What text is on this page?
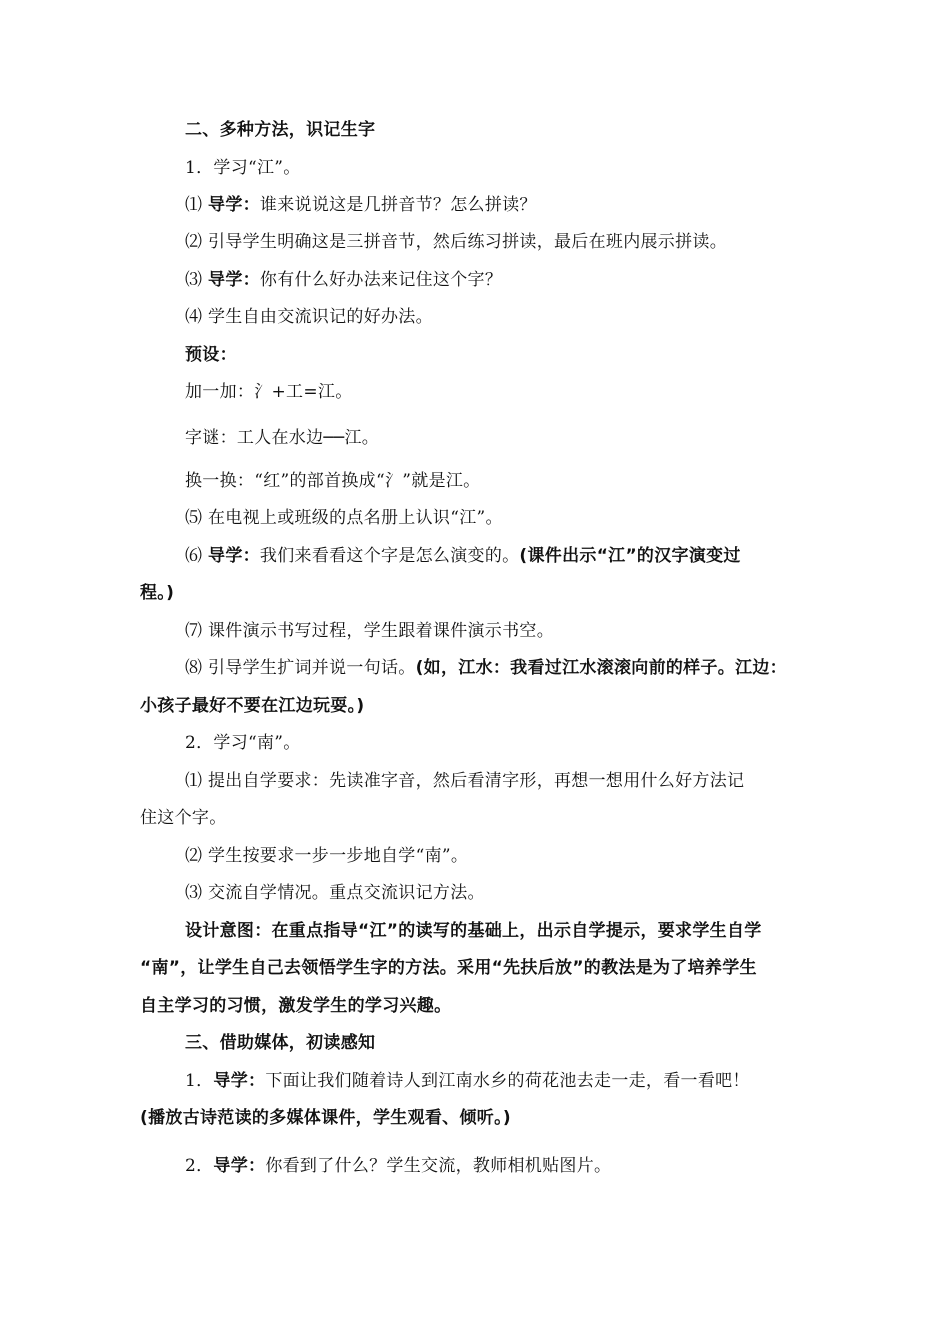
二、多种方法，识记生字
1．学习“江”。
⑴ 导学：谁来说说这是几拼音节？怎么拼读？
⑵ 引导学生明确这是三拼音节，然后练习拼读，最后在班内展示拼读。
⑶ 导学：你有什么好办法来记住这个字？
⑷ 学生自由交流识记的好办法。
预设：
加一加：氵+工=江。
字谜：工人在水边──江。
换一换：“红”的部首换成“氵”就是江。
⑸ 在电视上或班级的点名册上认识“江”。
⑹ 导学：我们来看看这个字是怎么演变的。(课件出示“江”的汉字演变过
程。)
⑺ 课件演示书写过程，学生跟着课件演示书空。
⑻ 引导学生扩词并说一句话。(如，江水：我看过江水滚滚向前的样子。江边：
小孩子最好不要在江边玩耍。)
2．学习“南”。
⑴ 提出自学要求：先读准字音，然后看清字形，再想一想用什么好方法记
住这个字。
⑵ 学生按要求一步一步地自学“南”。
⑶ 交流自学情况。重点交流识记方法。
设计意图：在重点指导“江”的读写的基础上，出示自学提示，要求学生自学
“南”，让学生自己去领悟学生字的方法。采用“先扶后放”的教法是为了培养学生
自主学习的习惯，激发学生的学习兴趣。
三、借助媒体，初读感知
1．导学：下面让我们随着诗人到江南水乡的荷花池去走一走，看一看吧！
(播放古诗范读的多媒体课件，学生观看、倾听。)
2．导学：你看到了什么？学生交流，教师相机贴图片。
